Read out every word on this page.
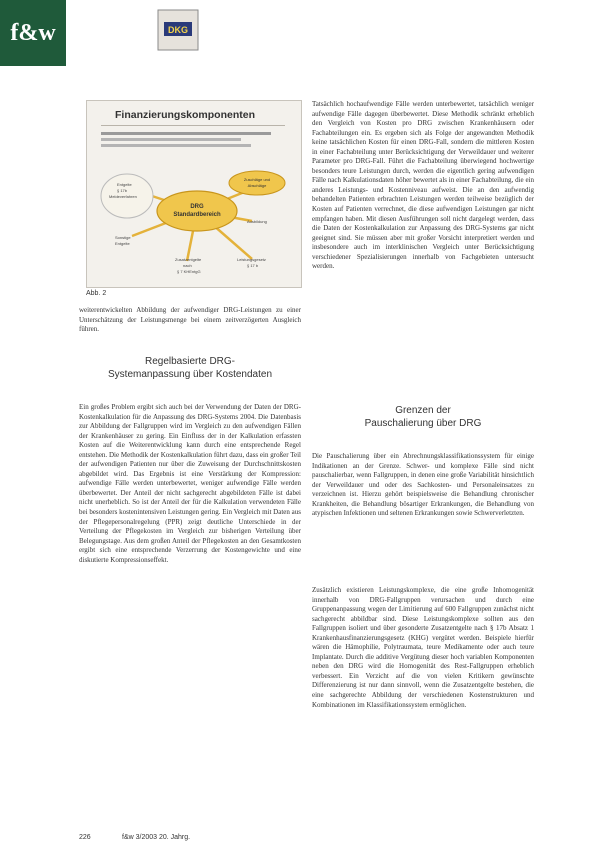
f&w	DKG
Finanzierungskomponenten
DRG
Standardbereich
Entgelte
§ 17b
Meldeverfahren
Sonstige
Entgelte
Zuschläge und
Abschläge
Ausbildung
Leistungsgesetz
§ 17 b
Zusatzentgelte
nach
§ 7 KHEntgG
Abb. 2

weiterentwickelten Abbildung der aufwendiger DRG-Leistungen zu einer Unterschätzung der Leistungsmenge bei einem zeitverzögerten Ausgleich führen.

Regelbasierte DRG-
Systemanpassung über Kostendaten

Ein großes Problem ergibt sich auch bei der Verwendung der Daten der DRG-Kostenkalkulation für die Anpassung des DRG-Systems 2004. Die Datenbasis zur Abbildung der Fallgruppen wird im Vergleich zu den aufwendigen Fällen der Krankenhäuser zu gering. Ein Einfluss der in der Kalkulation erfassten Kosten auf die Weiterentwicklung kann durch eine entsprechende Regel entstehen. Die Methodik der Kostenkalkulation führt dazu, dass ein großer Teil der aufwendigen Patienten nur über die Zuweisung der Durchschnittskosten abgebildet wird. Das Ergebnis ist eine Verstärkung der Kompression: aufwendige Fälle werden unterbewertet, weniger aufwendige Fälle werden überbewertet. Der Anteil der nicht sachgerecht abgebildeten Fälle ist dabei nicht unerheblich. So ist der Anteil der für die Kalkulation verwendeten Fälle bei besonders kostenintensiven Leistungen gering. Ein Vergleich mit Daten aus der Pflegepersonalregelung (PPR) zeigt deutliche Unterschiede in der Verteilung der Pflegekosten im Vergleich zur bisherigen Verteilung über Belegungstage. Aus dem großen Anteil der Pflegekosten an den Gesamtkosten ergibt sich eine entsprechende Verzerrung der Kostengewichte und eine diskutierte Kompressionseffekt.

Tatsächlich hochaufwendige Fälle werden unterbewertet, tatsächlich weniger aufwendige Fälle dagegen überbewertet. Diese Methodik schränkt erheblich den Vergleich von Kosten pro DRG zwischen Krankenhäusern oder Fachabteilungen ein. Es ergeben sich als Folge der angewandten Methodik keine tatsächlichen Kosten für einen DRG-Fall, sondern die mittleren Kosten in einer Fachabteilung unter Berücksichtigung der Verweildauer und weiterer Parameter pro DRG-Fall. Führt die Fachabteilung überwiegend hochwertige besonders teure Leistungen durch, werden die eigentlich gering aufwendigen Fälle nach Kalkulationsdaten höher bewertet als in einer Fachabteilung, die ein anderes Leistungs- und Kostenniveau aufweist. Die an den aufwendig behandelten Patienten erbrachten Leistungen werden teilweise bezüglich der Kosten auf Patienten verrechnet, die diese aufwendigen Leistungen gar nicht empfangen haben. Mit diesen Ausführungen soll nicht dargelegt werden, dass die Daten der Kostenkalkulation zur Anpassung des DRG-Systems gar nicht geeignet sind. Sie müssen aber mit großer Vorsicht interpretiert werden und insbesondere auch im interklinischen Vergleich unter Berücksichtigung verschiedener Spezialisierungen innerhalb von Fachgebieten untersucht werden.

Grenzen der
Pauschalierung über DRG

Die Pauschalierung über ein Abrechnungsklassifikationssystem für einige Indikationen an der Grenze. Schwer- und komplexe Fälle sind nicht pauschalierbar, wenn Fallgruppen, in denen eine große Variabilität hinsichtlich der Verweildauer und oder des Sachkosten- und Personaleinsatzes zu verzeichnen ist. Hierzu gehört beispielsweise die Behandlung chronischer Krankheiten, die Behandlung bösartiger Erkrankungen, die Behandlung von atypischen Infektionen und seltenen Erkrankungen sowie Schwerverletzten.

Zusätzlich existieren Leistungskomplexe, die eine große Inhomogenität innerhalb von DRG-Fallgruppen verursachen und durch eine Gruppenanpassung wegen der Limitierung auf 600 Fallgruppen zunächst nicht sachgerecht abbildbar sind. Diese Leistungskomplexe sollten aus den Fallgruppen isoliert und über gesonderte Zusatzentgelte nach § 17b Absatz 1 Krankenhausfinanzierungsgesetz (KHG) vergütet werden. Beispiele hierfür wären die Hämophilie, Polytraumata, teure Medikamente oder auch teure Implantate. Durch die additive Vergütung dieser hoch variablen Komponenten neben den DRG wird die Homogenität des Rest-Fallgruppen erheblich verbessert. Ein Verzicht auf die von vielen Kritikern gewünschte Differenzierung ist nur dann sinnvoll, wenn die Zusatzentgelte bestehen, die eine sachgerechte Abbildung der verschiedenen Kostenstrukturen und Kombinationen im Klassifikationssystem ermöglichen.

226	f&w 3/2003 20. Jahrg.
